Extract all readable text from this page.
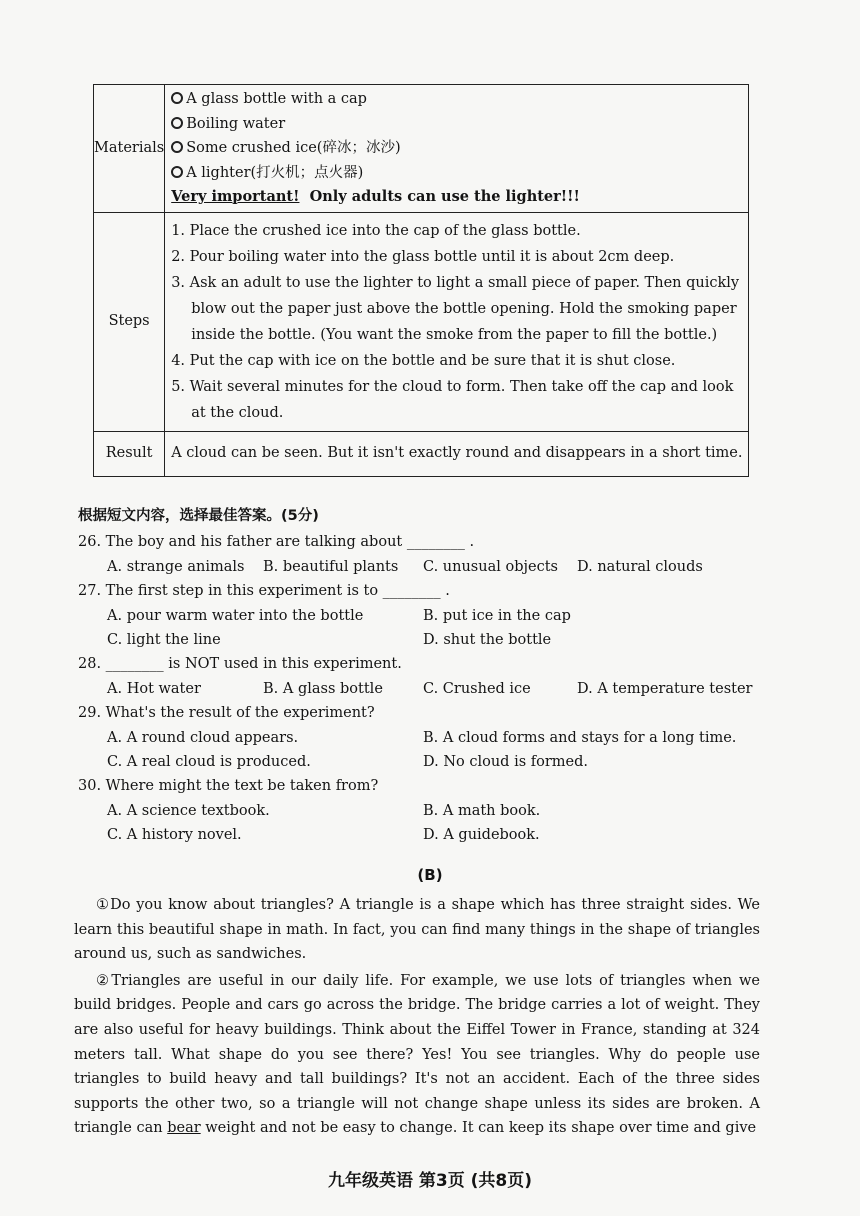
Materials	A glass bottle with a cap
Boiling water
Some crushed ice(碎冰；冰沙)
A lighter(打火机；点火器)
Very important! Only adults can use the lighter!!!

Steps	1. Place the crushed ice into the cap of the glass bottle.
2. Pour boiling water into the glass bottle until it is about 2cm deep.
3. Ask an adult to use the lighter to light a small piece of paper. Then quickly blow out the paper just above the bottle opening. Hold the smoking paper inside the bottle. (You want the smoke from the paper to fill the bottle.)
4. Put the cap with ice on the bottle and be sure that it is shut close.
5. Wait several minutes for the cloud to form. Then take off the cap and look at the cloud.

Result	A cloud can be seen. But it isn't exactly round and disappears in a short time.
根据短文内容，选择最佳答案。(5分)
26. The boy and his father are talking about ________ .
A. strange animals	B. beautiful plants	C. unusual objects	D. natural clouds
27. The first step in this experiment is to ________ .
A. pour warm water into the bottle	B. put ice in the cap
C. light the line	D. shut the bottle
28. ________ is NOT used in this experiment.
A. Hot water	B. A glass bottle	C. Crushed ice	D. A temperature tester
29. What's the result of the experiment?
A. A round cloud appears.	B. A cloud forms and stays for a long time.
C. A real cloud is produced.	D. No cloud is formed.
30. Where might the text be taken from?
A. A science textbook.	B. A math book.
C. A history novel.	D. A guidebook.
(B)

①Do you know about triangles? A triangle is a shape which has three straight sides. We learn this beautiful shape in math. In fact, you can find many things in the shape of triangles around us, such as sandwiches.

②Triangles are useful in our daily life. For example, we use lots of triangles when we build bridges. People and cars go across the bridge. The bridge carries a lot of weight. They are also useful for heavy buildings. Think about the Eiffel Tower in France, standing at 324 meters tall. What shape do you see there? Yes! You see triangles. Why do people use triangles to build heavy and tall buildings? It's not an accident. Each of the three sides supports the other two, so a triangle will not change shape unless its sides are broken. A triangle can bear weight and not be easy to change. It can keep its shape over time and give

九年级英语 第3页 (共8页)
